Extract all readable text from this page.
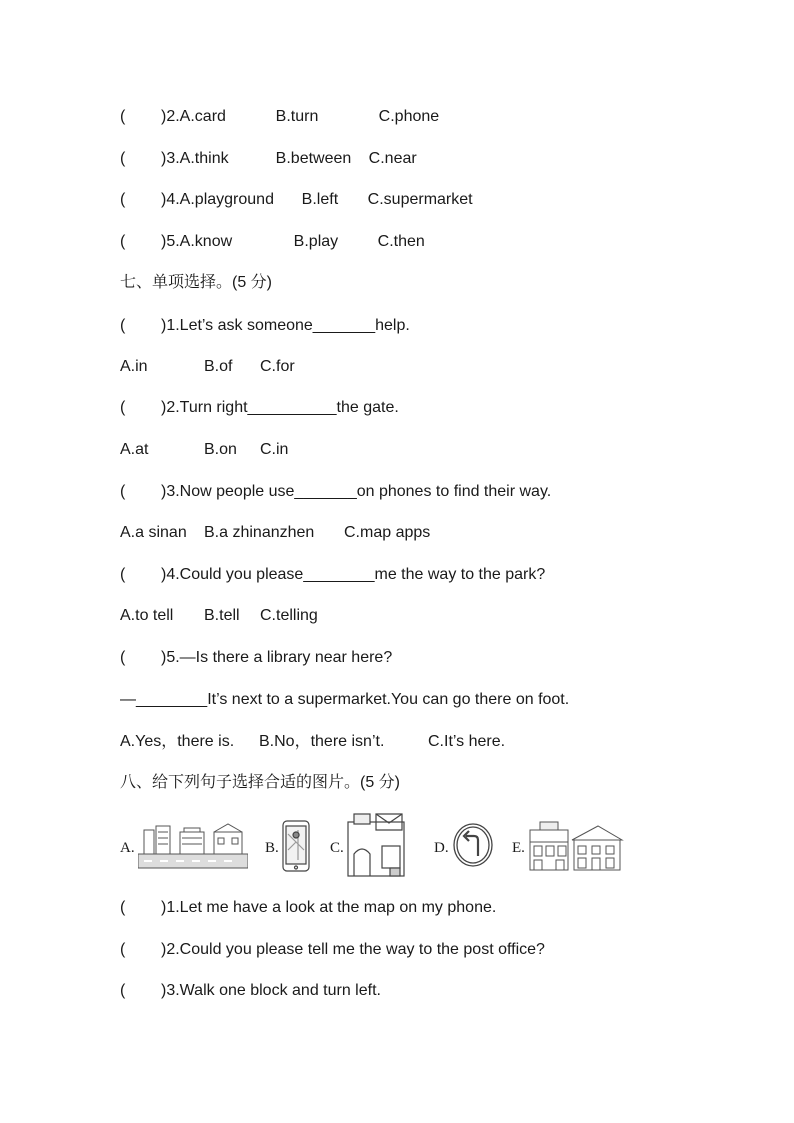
(	) 2. A.card	B.turn	C.phone
(	) 3. A.think	B.between	C.near
(	) 4. A.playground	B.left	C.supermarket
(	) 5. A.know	B.play	C.then
七、单项选择。(5 分)
(	)1.Let’s ask someone _______ help.
A.in	B.of	C.for
(	)2.Turn right __________ the gate.
A.at	B.on	C.in
(	)3.Now people use _______ on phones to find their way.
A.a sinan	B.a zhinanzhen	C.map apps
(	)4.Could you please ________ me the way to the park?
A.to tell	B.tell	C.telling
(	)5.—Is there a library near here?
— ________ It’s next to a supermarket.You can go there on foot.
A.Yes，there is.	B.No，there isn’t.	C.It’s here.
八、给下列句子选择合适的图片。(5 分)
A.	B.	C.	D.	E.
(	)1.Let me have a look at the map on my phone.
(	)2.Could you please tell me the way to the post office?
(	)3.Walk one block and turn left.
